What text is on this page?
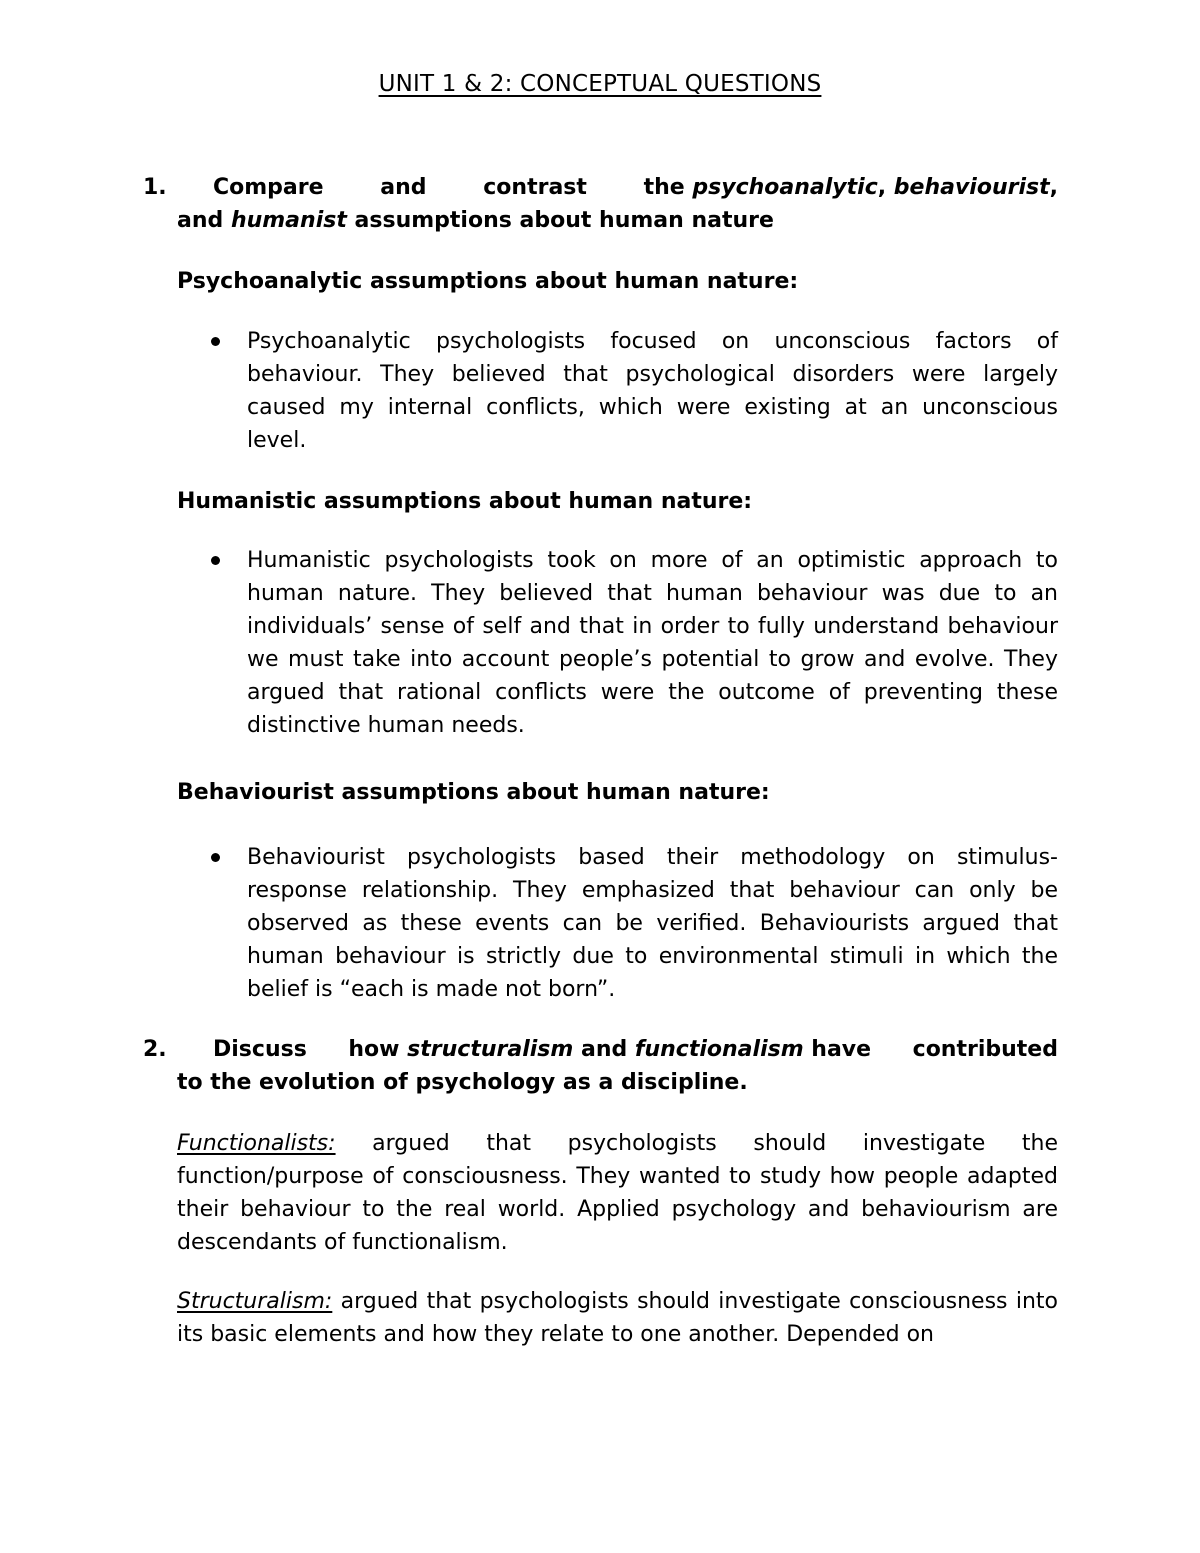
UNIT 1 & 2: CONCEPTUAL QUESTIONS
1. Compare	and	contrast	the psychoanalytic, behaviourist,
and humanist assumptions about human nature
Psychoanalytic assumptions about human nature:
Psychoanalytic psychologists focused on unconscious factors of behaviour. They believed that psychological disorders were largely caused my internal conflicts, which were existing at an unconscious level.
Humanistic assumptions about human nature:
Humanistic psychologists took on more of an optimistic approach to human nature. They believed that human behaviour was due to an individuals’ sense of self and that in order to fully understand behaviour we must take into account people’s potential to grow and evolve. They argued that rational conflicts were the outcome of preventing these distinctive human needs.
Behaviourist assumptions about human nature:
Behaviourist psychologists based their methodology on stimulus-response relationship. They emphasized that behaviour can only be observed as these events can be verified. Behaviourists argued that human behaviour is strictly due to environmental stimuli in which the belief is “each is made not born”.
2. Discuss how structuralism and functionalism have contributed
to the evolution of psychology as a discipline.
Functionalists: argued that psychologists should investigate the function/purpose of consciousness. They wanted to study how people adapted their behaviour to the real world. Applied psychology and behaviourism are descendants of functionalism.
Structuralism: argued that psychologists should investigate consciousness into its basic elements and how they relate to one another. Depended on
